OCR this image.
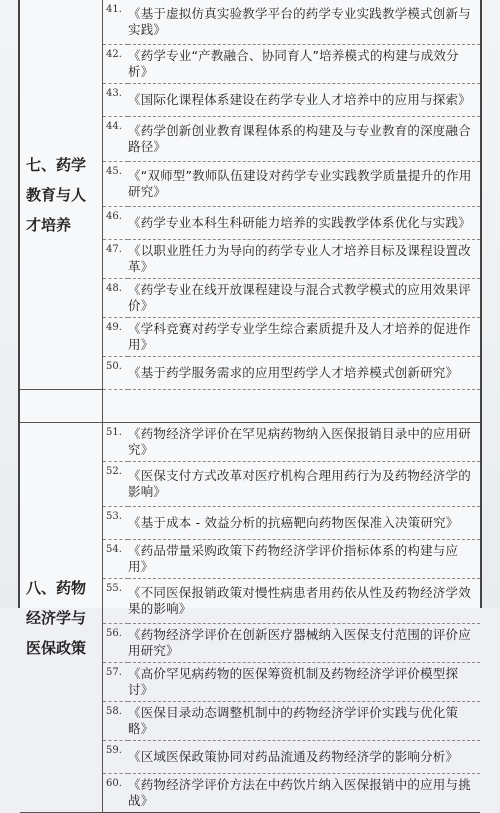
七、药学教育与人才培养	41.	《基于虚拟仿真实验教学平台的药学专业实践教学模式创新与实践》
	42.	《药学专业“产教融合、协同育人”培养模式的构建与成效分析》
	43.	《国际化课程体系建设在药学专业人才培养中的应用与探索》
	44.	《药学创新创业教育课程体系的构建及与专业教育的深度融合路径》
	45.	《“双师型”教师队伍建设对药学专业实践教学质量提升的作用研究》
	46.	《药学专业本科生科研能力培养的实践教学体系优化与实践》
	47.	《以职业胜任力为导向的药学专业人才培养目标及课程设置改革》
	48.	《药学专业在线开放课程建设与混合式教学模式的应用效果评价》
	49.	《学科竞赛对药学专业学生综合素质提升及人才培养的促进作用》
	50.	《基于药学服务需求的应用型药学人才培养模式创新研究》

八、药物经济学与医保政策	51.	《药物经济学评价在罕见病药物纳入医保报销目录中的应用研究》
	52.	《医保支付方式改革对医疗机构合理用药行为及药物经济学的影响》
	53.	《基于成本 - 效益分析的抗癌靶向药物医保准入决策研究》
	54.	《药品带量采购政策下药物经济学评价指标体系的构建与应用》
	55.	《不同医保报销政策对慢性病患者用药依从性及药物经济学效果的影响》
	56.	《药物经济学评价在创新医疗器械纳入医保支付范围的评价应用研究》
	57.	《高价罕见病药物的医保筹资机制及药物经济学评价模型探讨》
	58.	《医保目录动态调整机制中的药物经济学评价实践与优化策略》
	59.	《区域医保政策协同对药品流通及药物经济学的影响分析》
	60.	《药物经济学评价方法在中药饮片纳入医保报销中的应用与挑战》
